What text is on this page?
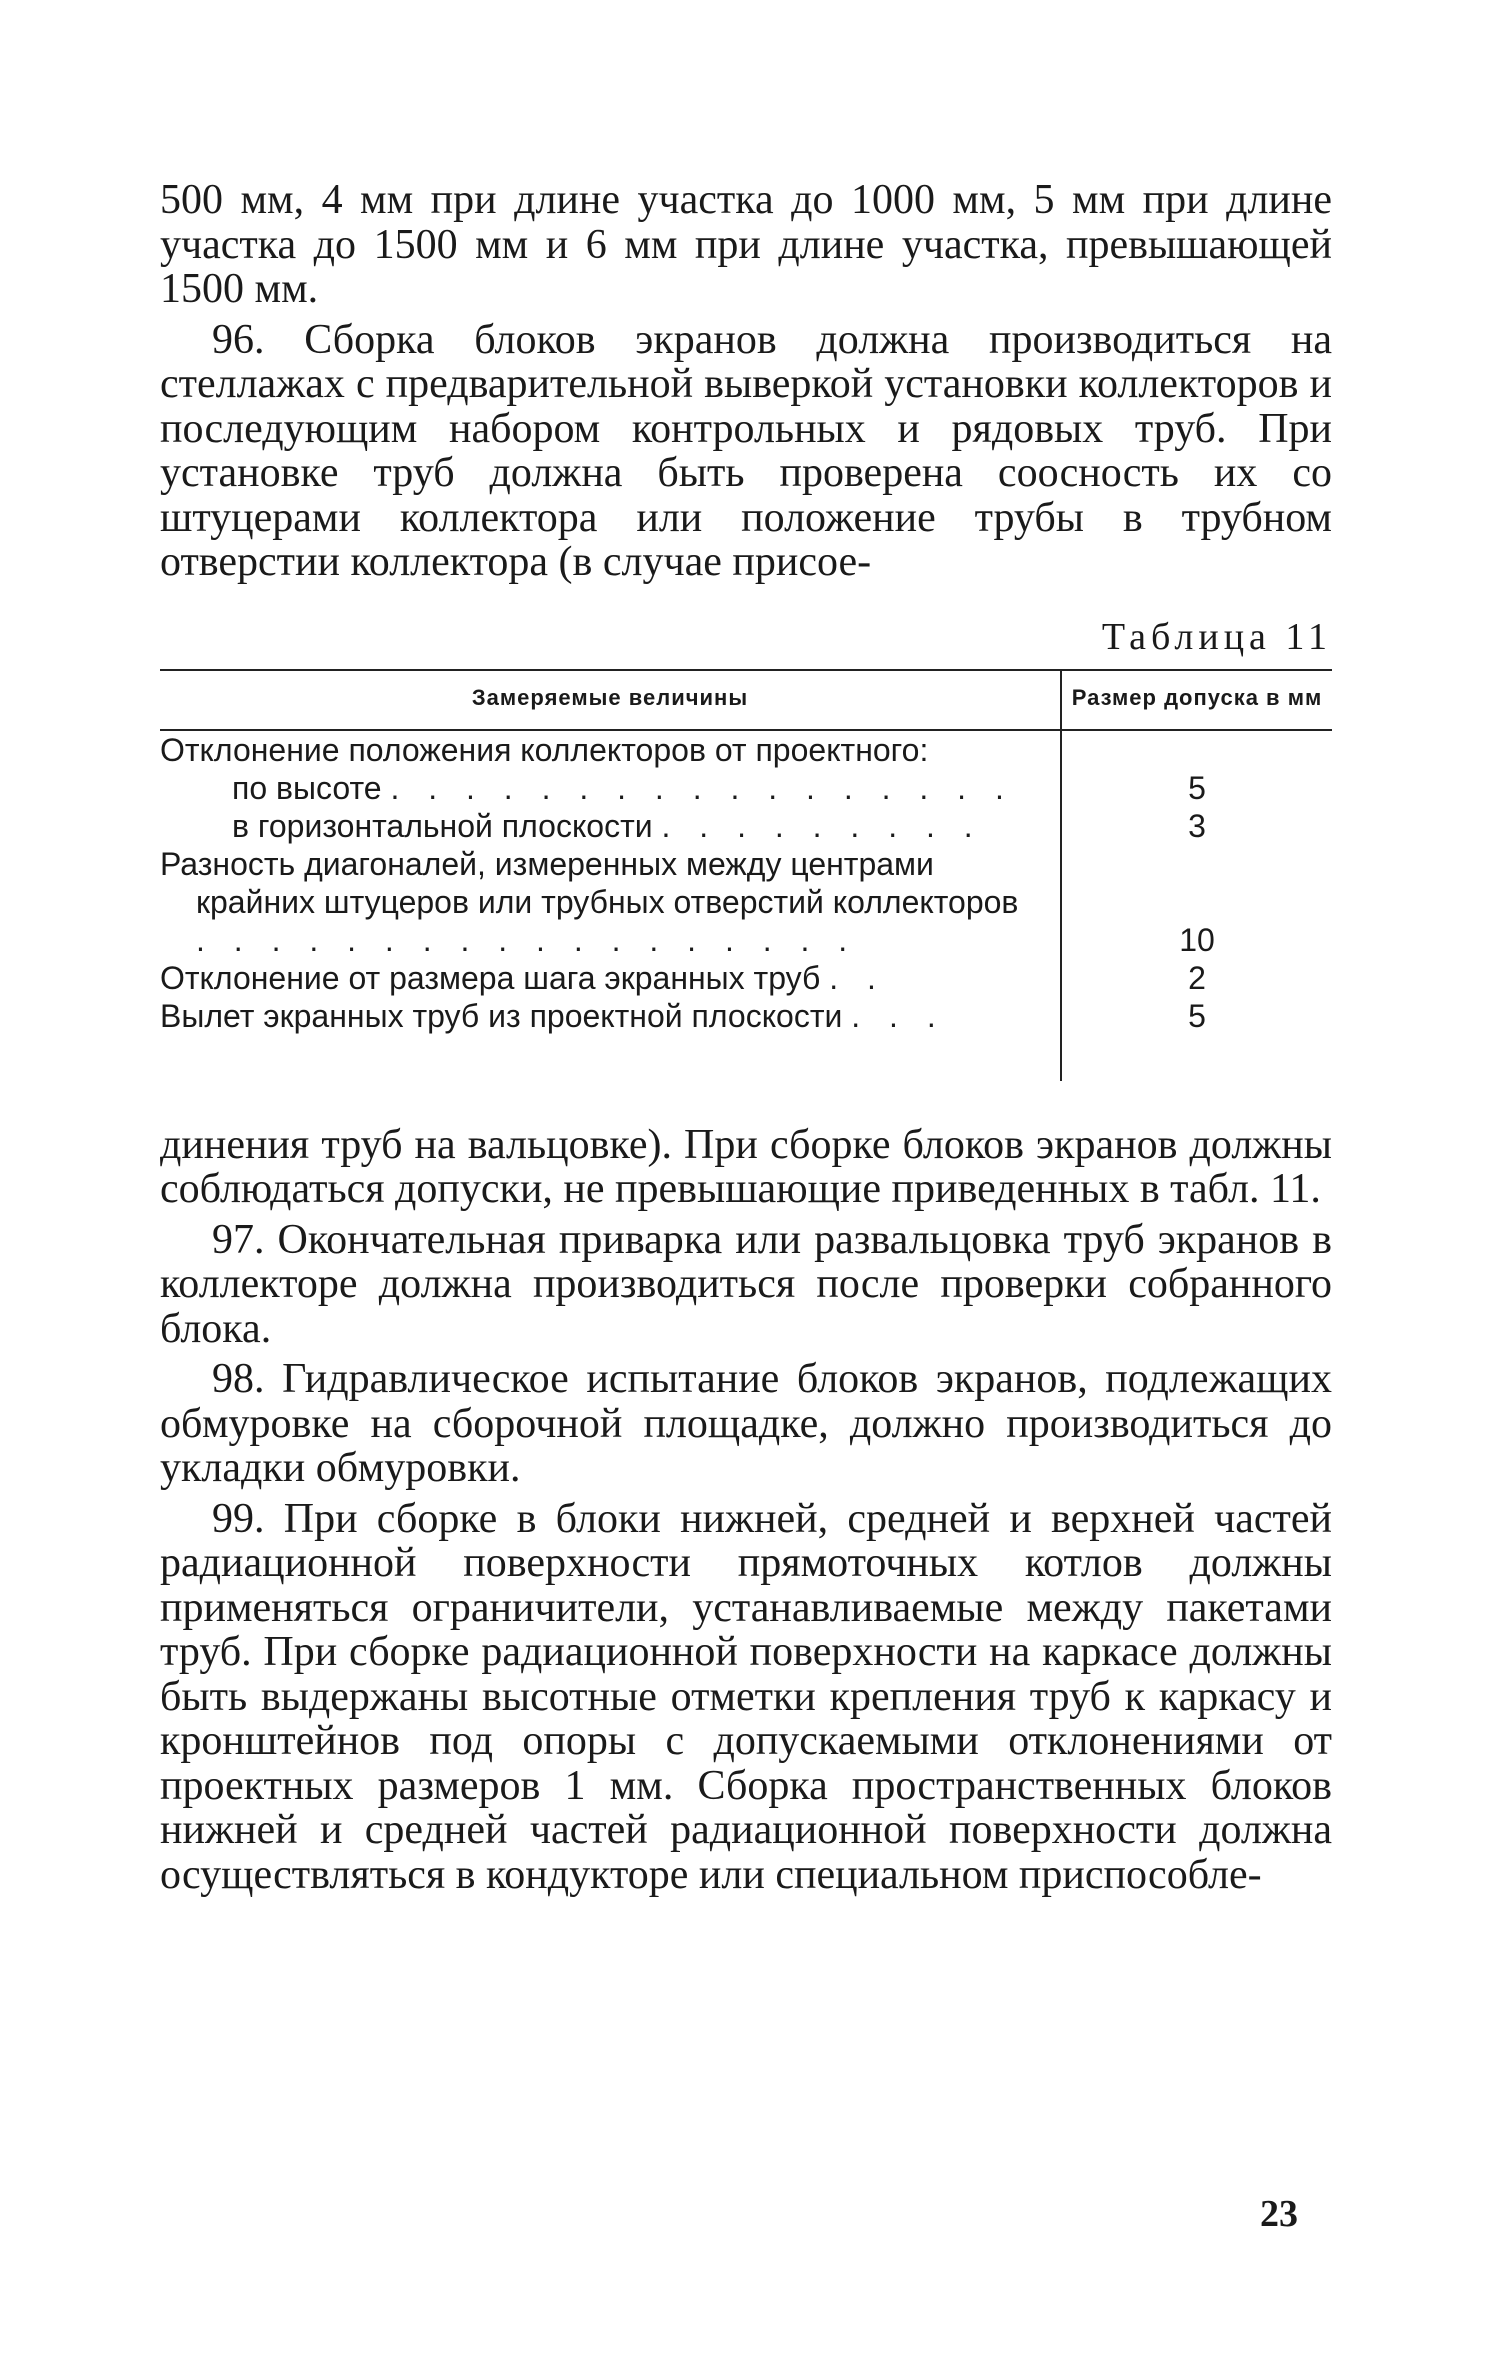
500 мм, 4 мм при длине участка до 1000 мм, 5 мм при длине участка до 1500 мм и 6 мм при длине участка, превышающей 1500 мм.

96. Сборка блоков экранов должна производиться на стеллажах с предварительной выверкой установки коллекторов и последующим набором контрольных и рядовых труб. При установке труб должна быть проверена соосность их со штуцерами коллектора или положение трубы в трубном отверстии коллектора (в случае присое-

Таблица 11
Замеряемые величины	Размер допуска в мм
Отклонение положения коллекторов от проектного:	

по высоте . . . . . . . . . . . . . . . . .	5

в горизонтальной плоскости . . . . . . . . .	3

Разность диагоналей, измеренных между центрами крайних штуцеров или трубных отверстий коллекторов . . . . . . . . . . . . . . . . . .	10

Отклонение от размера шага экранных труб . .	2

Вылет экранных труб из проектной плоскости . . .	5

динения труб на вальцовке). При сборке блоков экранов должны соблюдаться допуски, не превышающие приведенных в табл. 11.

97. Окончательная приварка или развальцовка труб экранов в коллекторе должна производиться после проверки собранного блока.

98. Гидравлическое испытание блоков экранов, подлежащих обмуровке на сборочной площадке, должно производиться до укладки обмуровки.

99. При сборке в блоки нижней, средней и верхней частей радиационной поверхности прямоточных котлов должны применяться ограничители, устанавливаемые между пакетами труб. При сборке радиационной поверхности на каркасе должны быть выдержаны высотные отметки крепления труб к каркасу и кронштейнов под опоры с допускаемыми отклонениями от проектных размеров 1 мм. Сборка пространственных блоков нижней и средней частей радиационной поверхности должна осуществляться в кондукторе или специальном приспособле-

23
